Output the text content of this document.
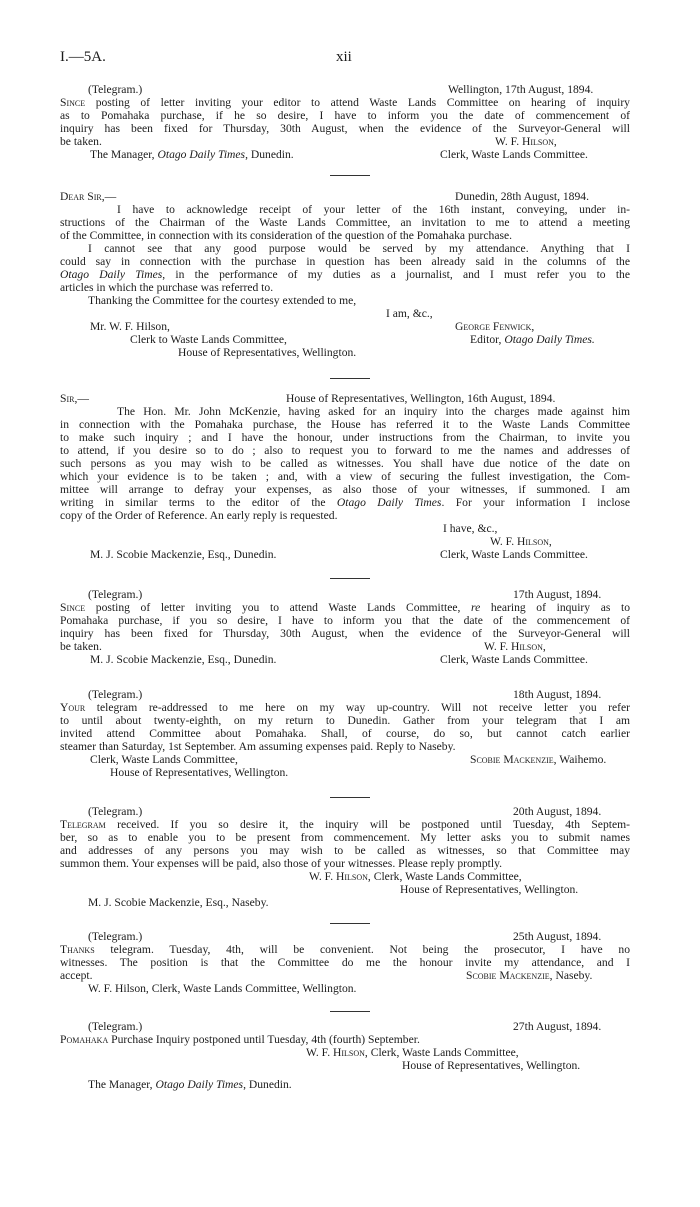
I.—5A.	xii
(Telegram.)	Wellington, 17th August, 1894.
Since posting of letter inviting your editor to attend Waste Lands Committee on hearing of inquiry
as to Pomahaka purchase, if he so desire, I have to inform you the date of commencement of
inquiry has been fixed for Thursday, 30th August, when the evidence of the Surveyor-General will
be taken.	W. F. Hilson,
The Manager, Otago Daily Times, Dunedin.	Clerk, Waste Lands Committee.
Dear Sir,—	Dunedin, 28th August, 1894.
I have to acknowledge receipt of your letter of the 16th instant, conveying, under in-
structions of the Chairman of the Waste Lands Committee, an invitation to me to attend a meeting
of the Committee, in connection with its consideration of the question of the Pomahaka purchase.
I cannot see that any good purpose would be served by my attendance. Anything that I
could say in connection with the purchase in question has been already said in the columns of the
Otago Daily Times, in the performance of my duties as a journalist, and I must refer you to the
articles in which the purchase was referred to.
Thanking the Committee for the courtesy extended to me,
I am, &c.,
Mr. W. F. Hilson,	George Fenwick,
Clerk to Waste Lands Committee,	Editor, Otago Daily Times.
House of Representatives, Wellington.
Sir,—	House of Representatives, Wellington, 16th August, 1894.
The Hon. Mr. John McKenzie, having asked for an inquiry into the charges made against him
in connection with the Pomahaka purchase, the House has referred it to the Waste Lands Committee
to make such inquiry ; and I have the honour, under instructions from the Chairman, to invite you
to attend, if you desire so to do ; also to request you to forward to me the names and addresses of
such persons as you may wish to be called as witnesses. You shall have due notice of the date on
which your evidence is to be taken ; and, with a view of securing the fullest investigation, the Com-
mittee will arrange to defray your expenses, as also those of your witnesses, if summoned. I am
writing in similar terms to the editor of the Otago Daily Times. For your information I inclose
copy of the Order of Reference. An early reply is requested.
I have, &c.,
W. F. Hilson,
M. J. Scobie Mackenzie, Esq., Dunedin.	Clerk, Waste Lands Committee.
(Telegram.)	17th August, 1894.
Since posting of letter inviting you to attend Waste Lands Committee, re hearing of inquiry as to
Pomahaka purchase, if you so desire, I have to inform you that the date of the commencement of
inquiry has been fixed for Thursday, 30th August, when the evidence of the Surveyor-General will
be taken.	W. F. Hilson,
M. J. Scobie Mackenzie, Esq., Dunedin.	Clerk, Waste Lands Committee.
(Telegram.)	18th August, 1894.
Your telegram re-addressed to me here on my way up-country. Will not receive letter you refer
to until about twenty-eighth, on my return to Dunedin. Gather from your telegram that I am
invited attend Committee about Pomahaka. Shall, of course, do so, but cannot catch earlier
steamer than Saturday, 1st September. Am assuming expenses paid. Reply to Naseby.
Clerk, Waste Lands Committee,	Scobie Mackenzie, Waihemo.
House of Representatives, Wellington.
(Telegram.)	20th August, 1894.
Telegram received. If you so desire it, the inquiry will be postponed until Tuesday, 4th Septem-
ber, so as to enable you to be present from commencement. My letter asks you to submit names
and addresses of any persons you may wish to be called as witnesses, so that Committee may
summon them. Your expenses will be paid, also those of your witnesses. Please reply promptly.
W. F. Hilson, Clerk, Waste Lands Committee,
House of Representatives, Wellington.
M. J. Scobie Mackenzie, Esq., Naseby.
(Telegram.)	25th August, 1894.
Thanks telegram. Tuesday, 4th, will be convenient. Not being the prosecutor, I have no
witnesses. The position is that the Committee do me the honour invite my attendance, and I
accept.	Scobie Mackenzie, Naseby.
W. F. Hilson, Clerk, Waste Lands Committee, Wellington.
(Telegram.)	27th August, 1894.
Pomahaka Purchase Inquiry postponed until Tuesday, 4th (fourth) September.
W. F. Hilson, Clerk, Waste Lands Committee,
House of Representatives, Wellington.
The Manager, Otago Daily Times, Dunedin.
